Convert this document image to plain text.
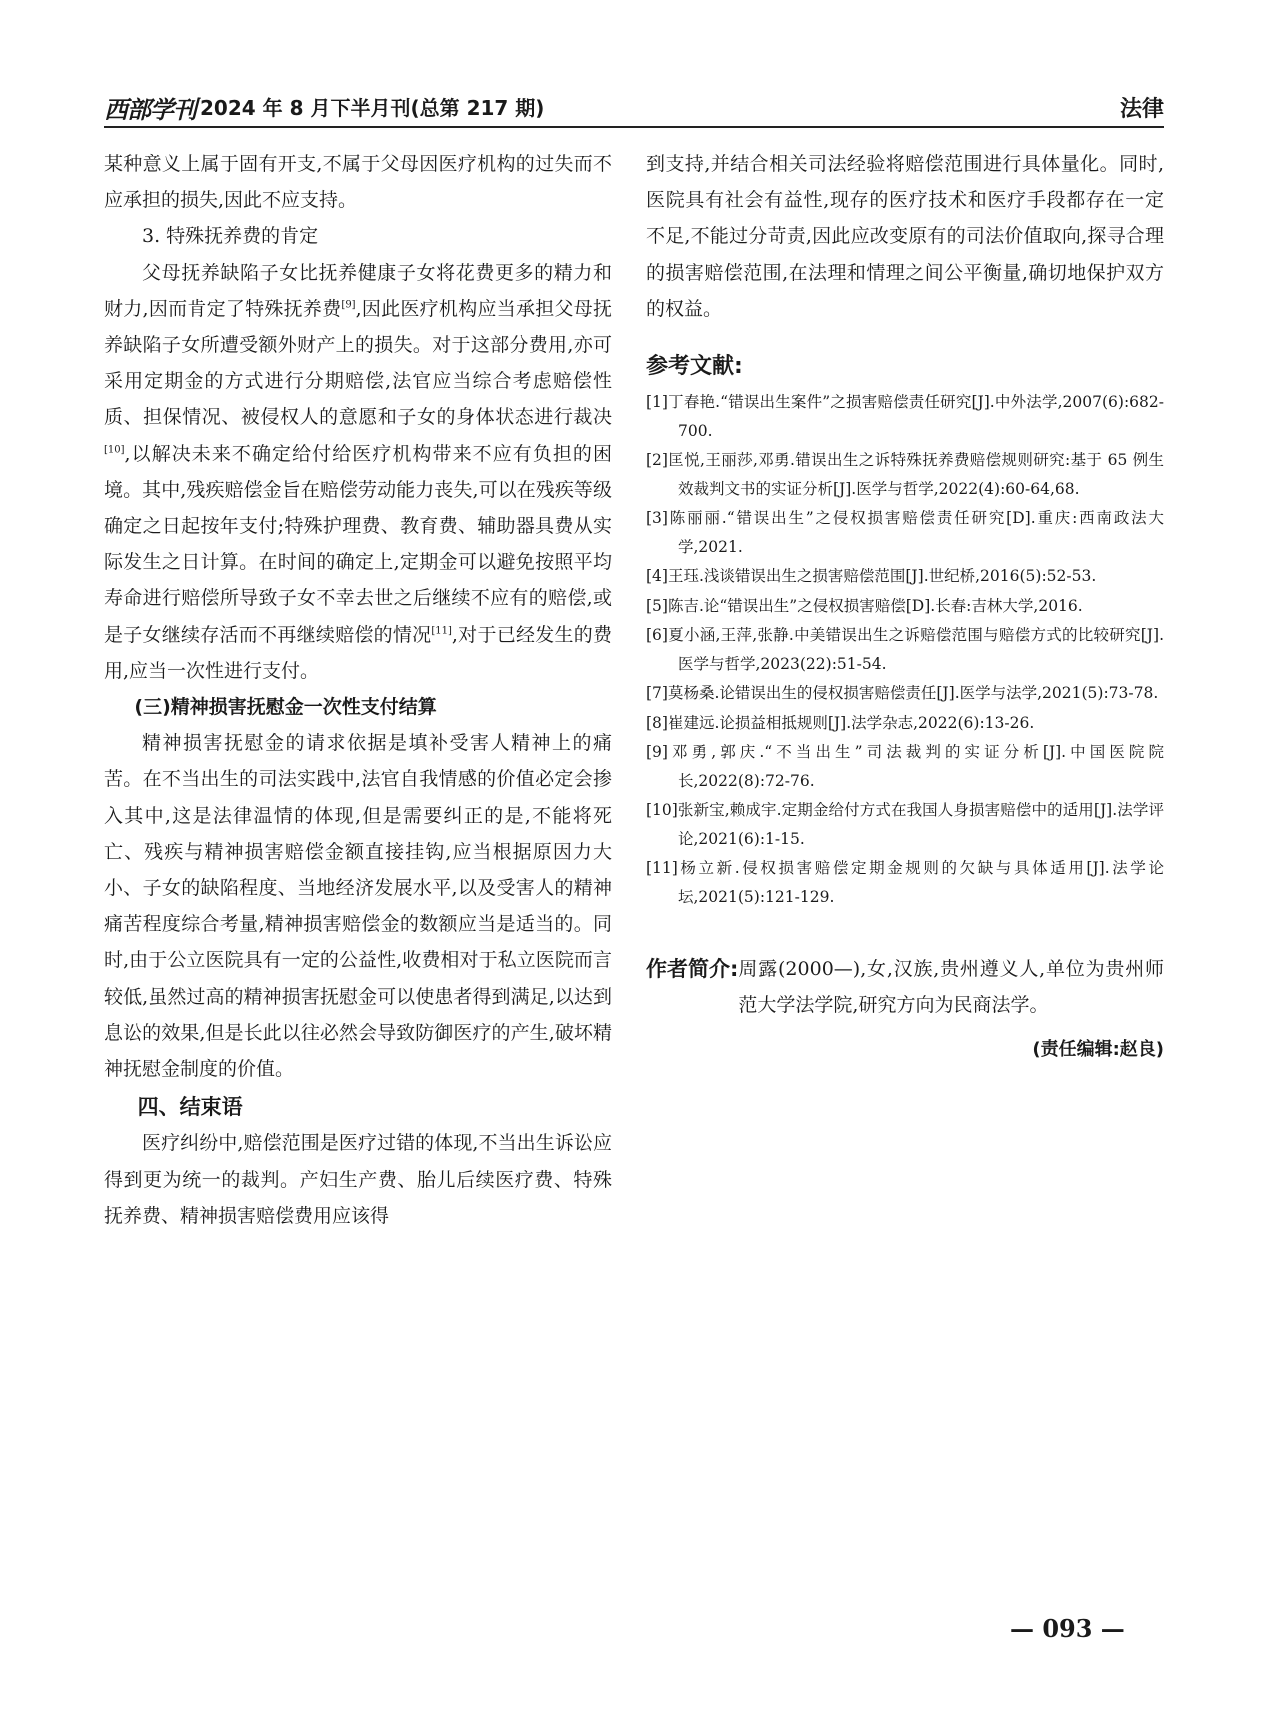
西部学刊 2024 年 8 月下半月刊(总第 217 期)	法律

某种意义上属于固有开支,不属于父母因医疗机构的过失而不应承担的损失,因此不应支持。

3. 特殊抚养费的肯定

父母抚养缺陷子女比抚养健康子女将花费更多的精力和财力,因而肯定了特殊抚养费[9],因此医疗机构应当承担父母抚养缺陷子女所遭受额外财产上的损失。对于这部分费用,亦可采用定期金的方式进行分期赔偿,法官应当综合考虑赔偿性质、担保情况、被侵权人的意愿和子女的身体状态进行裁决[10],以解决未来不确定给付给医疗机构带来不应有负担的困境。其中,残疾赔偿金旨在赔偿劳动能力丧失,可以在残疾等级确定之日起按年支付;特殊护理费、教育费、辅助器具费从实际发生之日计算。在时间的确定上,定期金可以避免按照平均寿命进行赔偿所导致子女不幸去世之后继续不应有的赔偿,或是子女继续存活而不再继续赔偿的情况[11],对于已经发生的费用,应当一次性进行支付。

(三)精神损害抚慰金一次性支付结算

精神损害抚慰金的请求依据是填补受害人精神上的痛苦。在不当出生的司法实践中,法官自我情感的价值必定会掺入其中,这是法律温情的体现,但是需要纠正的是,不能将死亡、残疾与精神损害赔偿金额直接挂钩,应当根据原因力大小、子女的缺陷程度、当地经济发展水平,以及受害人的精神痛苦程度综合考量,精神损害赔偿金的数额应当是适当的。同时,由于公立医院具有一定的公益性,收费相对于私立医院而言较低,虽然过高的精神损害抚慰金可以使患者得到满足,以达到息讼的效果,但是长此以往必然会导致防御医疗的产生,破坏精神抚慰金制度的价值。

四、结束语

医疗纠纷中,赔偿范围是医疗过错的体现,不当出生诉讼应得到更为统一的裁判。产妇生产费、胎儿后续医疗费、特殊抚养费、精神损害赔偿费用应该得

到支持,并结合相关司法经验将赔偿范围进行具体量化。同时,医院具有社会有益性,现存的医疗技术和医疗手段都存在一定不足,不能过分苛责,因此应改变原有的司法价值取向,探寻合理的损害赔偿范围,在法理和情理之间公平衡量,确切地保护双方的权益。

参考文献:
[1]丁春艳.“错误出生案件”之损害赔偿责任研究[J].中外法学,2007(6):682-700.
[2]匡悦,王丽莎,邓勇.错误出生之诉特殊抚养费赔偿规则研究:基于 65 例生效裁判文书的实证分析[J].医学与哲学,2022(4):60-64,68.
[3]陈丽丽.“错误出生”之侵权损害赔偿责任研究[D].重庆:西南政法大学,2021.
[4]王珏.浅谈错误出生之损害赔偿范围[J].世纪桥,2016(5):52-53.
[5]陈吉.论“错误出生”之侵权损害赔偿[D].长春:吉林大学,2016.
[6]夏小涵,王萍,张静.中美错误出生之诉赔偿范围与赔偿方式的比较研究[J].医学与哲学,2023(22):51-54.
[7]莫杨桑.论错误出生的侵权损害赔偿责任[J].医学与法学,2021(5):73-78.
[8]崔建远.论损益相抵规则[J].法学杂志,2022(6):13-26.
[9]邓勇,郭庆.“不当出生”司法裁判的实证分析[J].中国医院院长,2022(8):72-76.
[10]张新宝,赖成宇.定期金给付方式在我国人身损害赔偿中的适用[J].法学评论,2021(6):1-15.
[11]杨立新.侵权损害赔偿定期金规则的欠缺与具体适用[J].法学论坛,2021(5):121-129.
作者简介: 周露(2000—),女,汉族,贵州遵义人,单位为贵州师范大学法学院,研究方向为民商法学。
(责任编辑:赵良)
— 093 —
